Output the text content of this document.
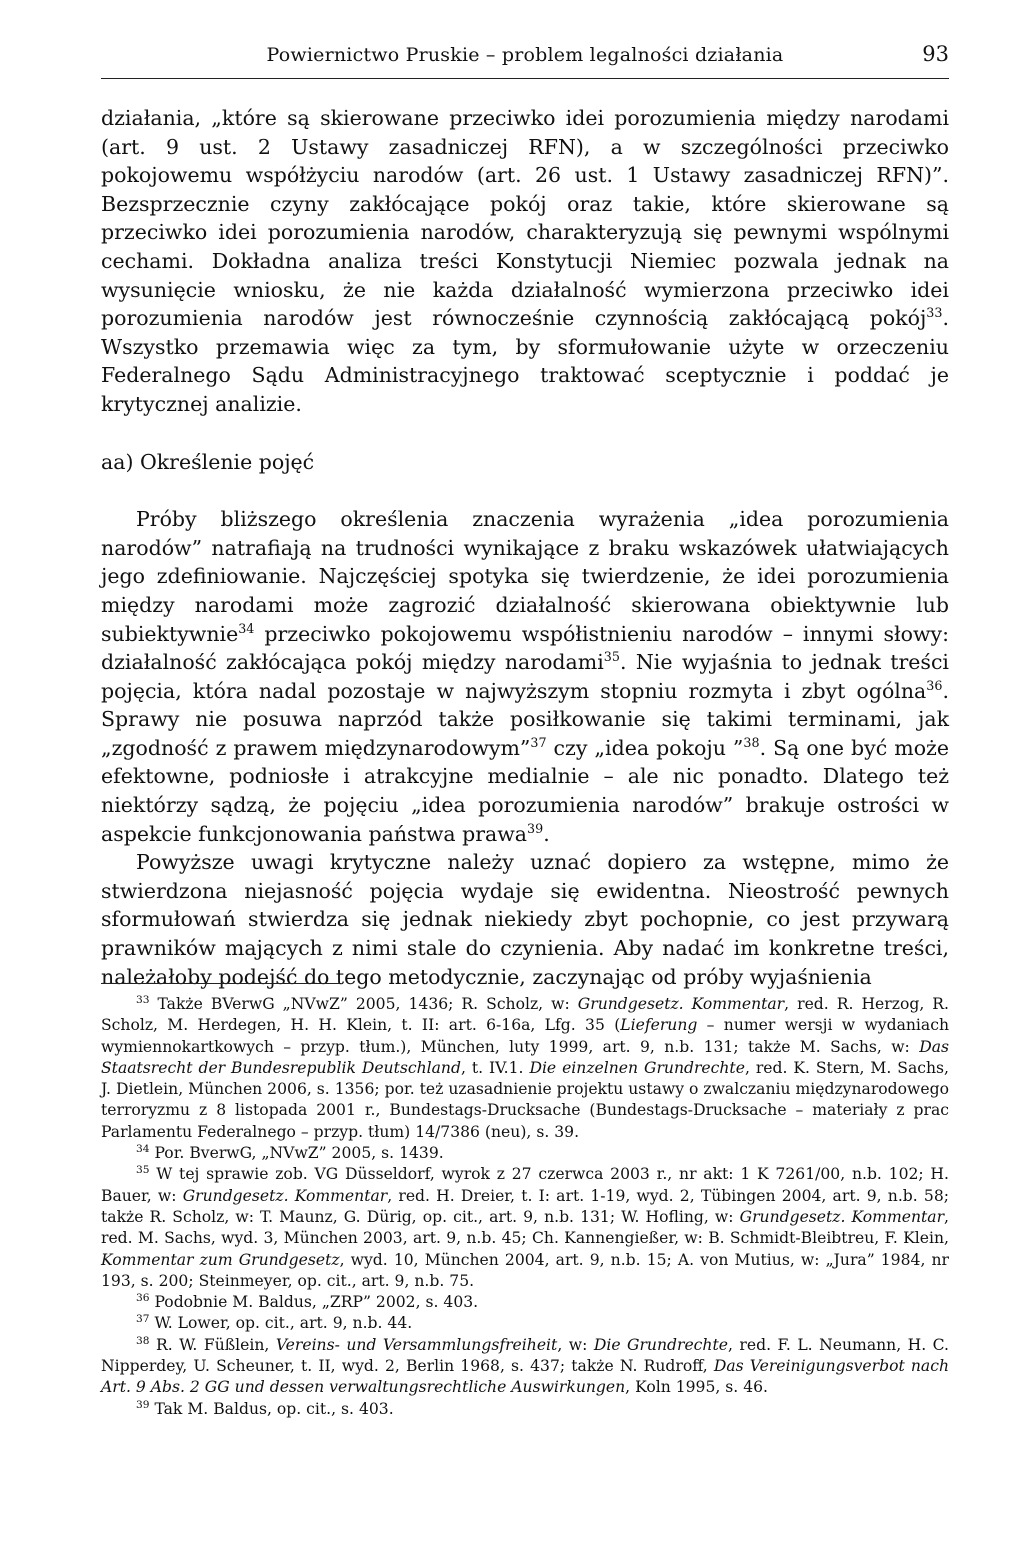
Powiernictwo Pruskie – problem legalności działania	93

działania, „które są skierowane przeciwko idei porozumienia między narodami (art. 9 ust. 2 Ustawy zasadniczej RFN), a w szczególności przeciwko pokojowemu współżyciu narodów (art. 26 ust. 1 Ustawy zasadniczej RFN)”. Bezsprzecznie czyny zakłócające pokój oraz takie, które skierowane są przeciwko idei porozumienia narodów, charakteryzują się pewnymi wspólnymi cechami. Dokładna analiza treści Konstytucji Niemiec pozwala jednak na wysunięcie wniosku, że nie każda działalność wymierzona przeciwko idei porozumienia narodów jest równocześnie czynnością zakłócającą pokój$^{33}$. Wszystko przemawia więc za tym, by sformułowanie użyte w orzeczeniu Federalnego Sądu Administracyjnego traktować sceptycznie i poddać je krytycznej analizie.

aa) Określenie pojęć

Próby bliższego określenia znaczenia wyrażenia „idea porozumienia narodów” natrafiają na trudności wynikające z braku wskazówek ułatwiających jego zdefiniowanie. Najczęściej spotyka się twierdzenie, że idei porozumienia między narodami może zagrozić działalność skierowana obiektywnie lub subiektywnie$^{34}$ przeciwko pokojowemu współistnieniu narodów – innymi słowy: działalność zakłócająca pokój między narodami$^{35}$. Nie wyjaśnia to jednak treści pojęcia, która nadal pozostaje w najwyższym stopniu rozmyta i zbyt ogólna$^{36}$. Sprawy nie posuwa naprzód także posiłkowanie się takimi terminami, jak „zgodność z prawem międzynarodowym”$^{37}$ czy „idea pokoju ”$^{38}$. Są one być może efektowne, podniosłe i atrakcyjne medialnie – ale nic ponadto. Dlatego też niektórzy sądzą, że pojęciu „idea porozumienia narodów” brakuje ostrości w aspekcie funkcjonowania państwa prawa$^{39}$.

Powyższe uwagi krytyczne należy uznać dopiero za wstępne, mimo że stwierdzona niejasność pojęcia wydaje się ewidentna. Nieostrość pewnych sformułowań stwierdza się jednak niekiedy zbyt pochopnie, co jest przywarą prawników mających z nimi stale do czynienia. Aby nadać im konkretne treści, należałoby podejść do tego metodycznie, zaczynając od próby wyjaśnienia

$^{33}$ Także BVerwG „NVwZ” 2005, 1436; R. Scholz, w: Grundgesetz. Kommentar, red. R. Herzog, R. Scholz, M. Herdegen, H. H. Klein, t. II: art. 6-16a, Lfg. 35 (Lieferung – numer wersji w wydaniach wymiennokartkowych – przyp. tłum.), München, luty 1999, art. 9, n.b. 131; także M. Sachs, w: Das Staatsrecht der Bundesrepublik Deutschland, t. IV.1. Die einzelnen Grundrechte, red. K. Stern, M. Sachs, J. Dietlein, München 2006, s. 1356; por. też uzasadnienie projektu ustawy o zwalczaniu międzynarodowego terroryzmu z 8 listopada 2001 r., Bundestags-Drucksache (Bundestags-Drucksache – materiały z prac Parlamentu Federalnego – przyp. tłum) 14/7386 (neu), s. 39.

$^{34}$ Por. BverwG, „NVwZ” 2005, s. 1439.

$^{35}$ W tej sprawie zob. VG Düsseldorf, wyrok z 27 czerwca 2003 r., nr akt: 1 K 7261/00, n.b. 102; H. Bauer, w: Grundgesetz. Kommentar, red. H. Dreier, t. I: art. 1-19, wyd. 2, Tübingen 2004, art. 9, n.b. 58; także R. Scholz, w: T. Maunz, G. Dürig, op. cit., art. 9, n.b. 131; W. Hofling, w: Grundgesetz. Kommentar, red. M. Sachs, wyd. 3, München 2003, art. 9, n.b. 45; Ch. Kannengießer, w: B. Schmidt-Bleibtreu, F. Klein, Kommentar zum Grundgesetz, wyd. 10, München 2004, art. 9, n.b. 15; A. von Mutius, w: „Jura” 1984, nr 193, s. 200; Steinmeyer, op. cit., art. 9, n.b. 75.

$^{36}$ Podobnie M. Baldus, „ZRP” 2002, s. 403.

$^{37}$ W. Lower, op. cit., art. 9, n.b. 44.

$^{38}$ R. W. Füßlein, Vereins- und Versammlungsfreiheit, w: Die Grundrechte, red. F. L. Neumann, H. C. Nipperdey, U. Scheuner, t. II, wyd. 2, Berlin 1968, s. 437; także N. Rudroff, Das Vereinigungsverbot nach Art. 9 Abs. 2 GG und dessen verwaltungsrechtliche Auswirkungen, Koln 1995, s. 46.

$^{39}$ Tak M. Baldus, op. cit., s. 403.
